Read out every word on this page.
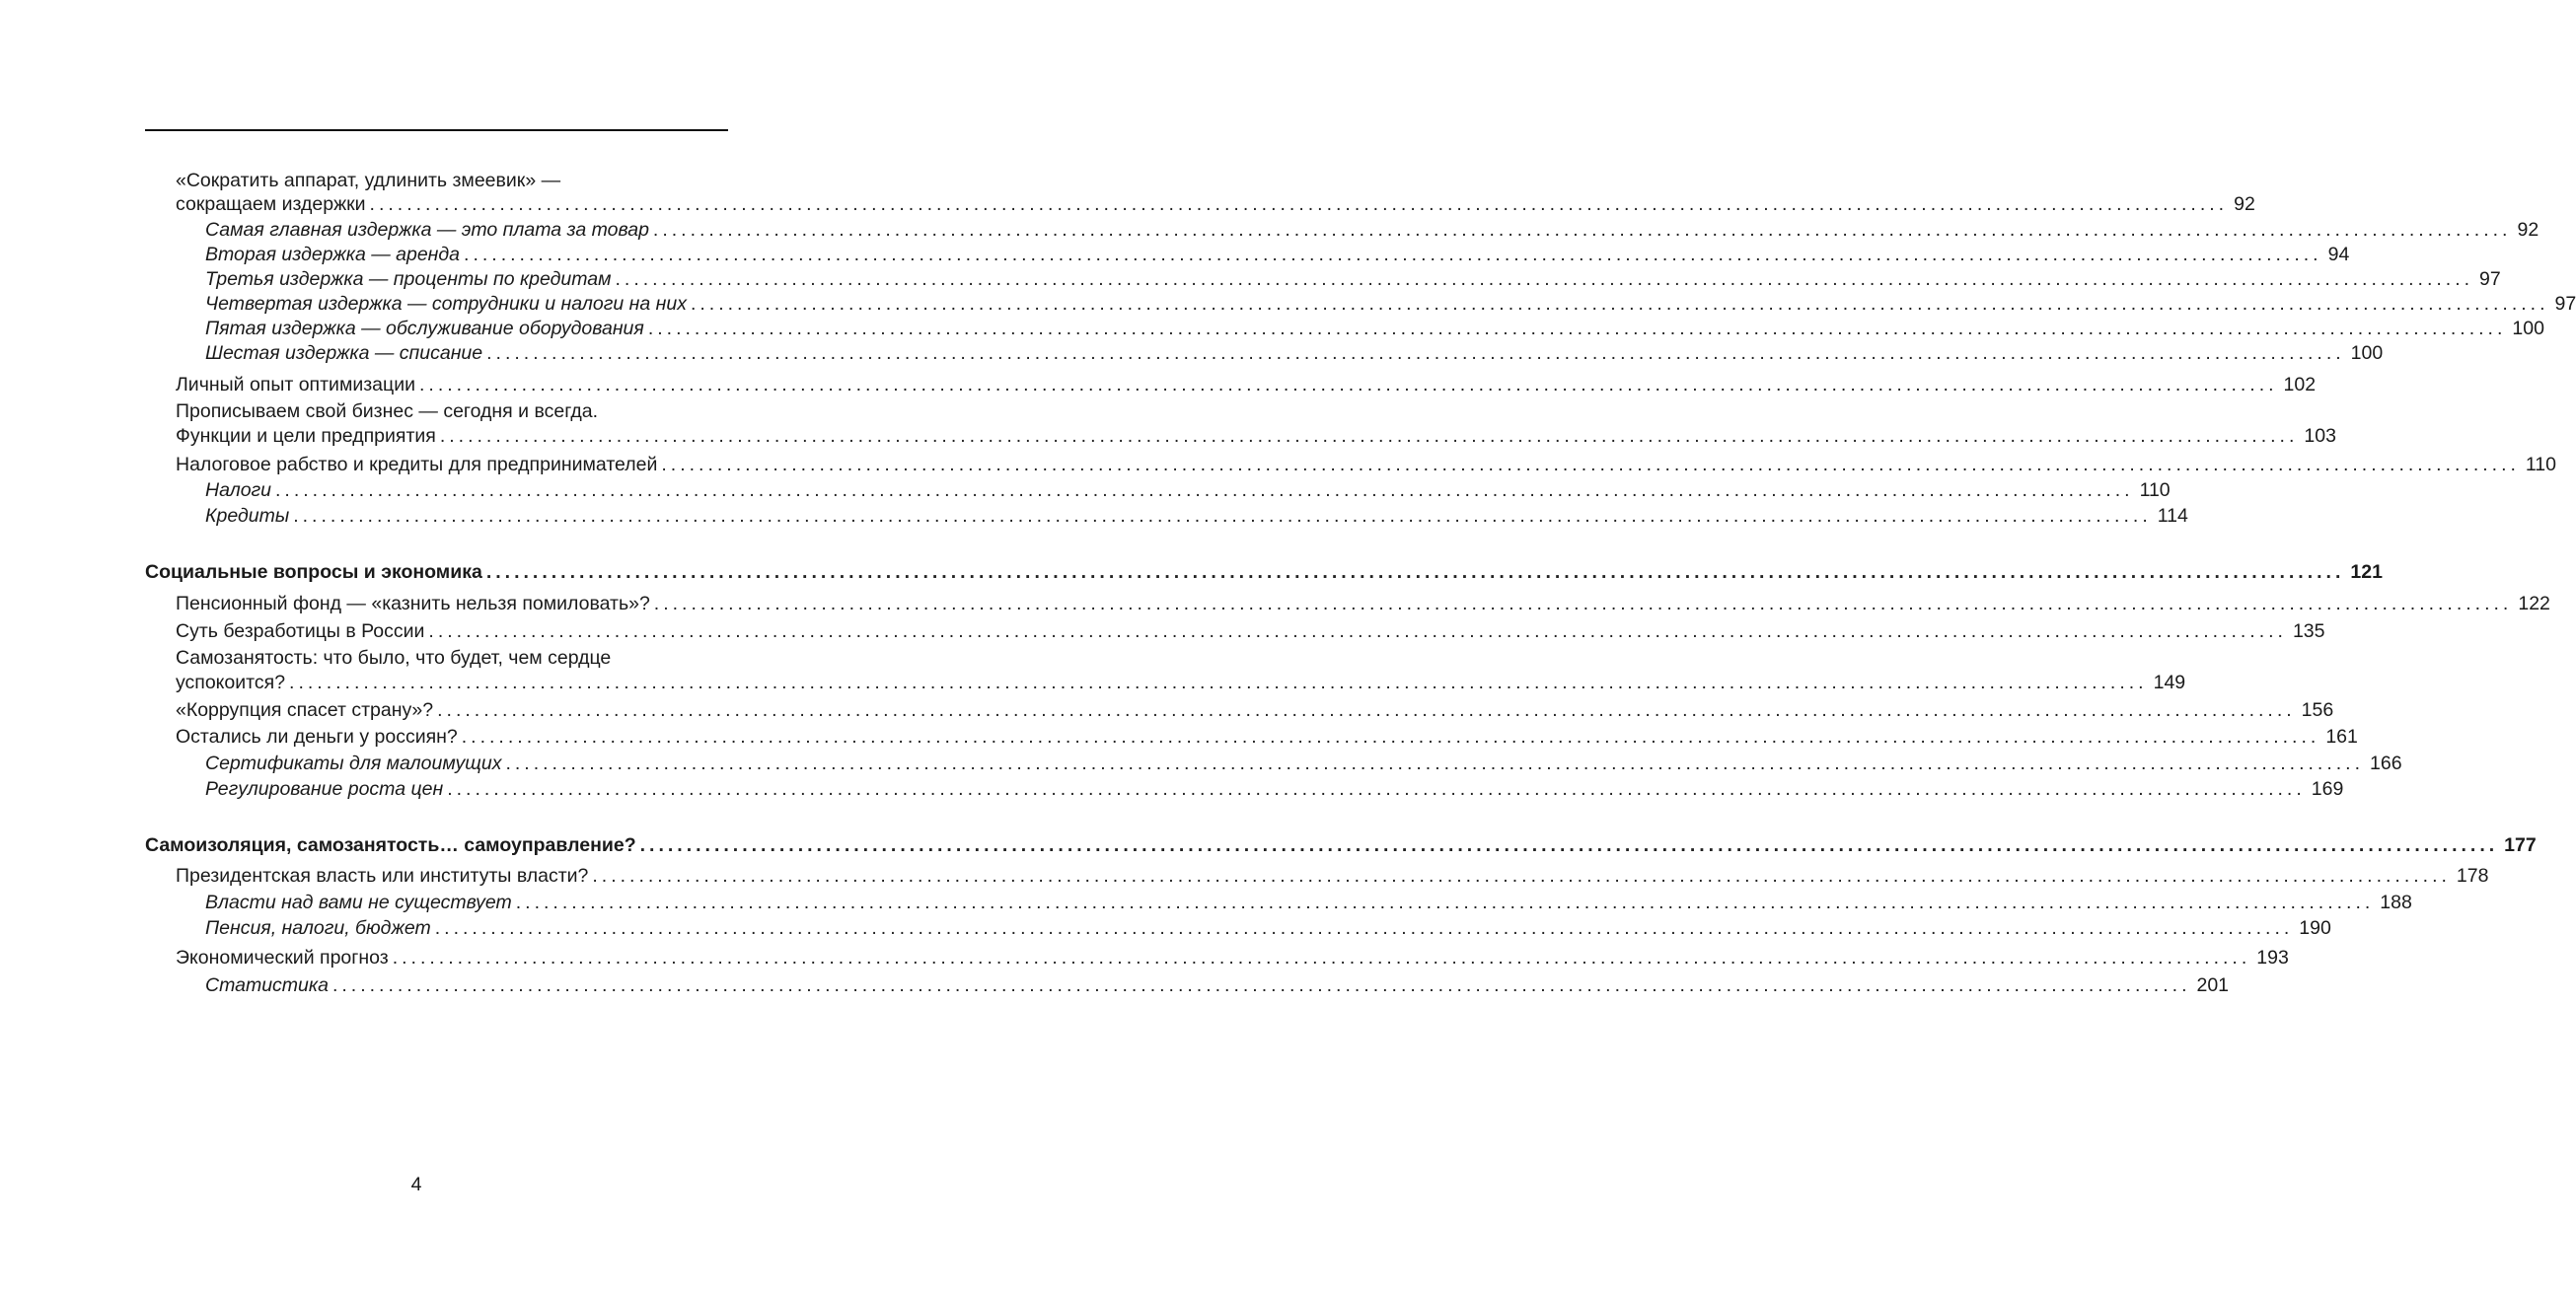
«Сократить аппарат, удлинить змеевик» —
сокращаем издержки ........................................................................................................................................................................................................ 92
Самая главная издержка — это плата за товар ........................................................................................................................................................................................................ 92
Вторая издержка — аренда ........................................................................................................................................................................................................ 94
Третья издержка — проценты по кредитам ........................................................................................................................................................................................................ 97
Четвертая издержка — сотрудники и налоги на них ........................................................................................................................................................................................................ 97
Пятая издержка — обслуживание оборудования ........................................................................................................................................................................................................ 100
Шестая издержка — списание ........................................................................................................................................................................................................ 100
Личный опыт оптимизации ........................................................................................................................................................................................................ 102
Прописываем свой бизнес — сегодня и всегда.
Функции и цели предприятия ........................................................................................................................................................................................................ 103
Налоговое рабство и кредиты для предпринимателей ........................................................................................................................................................................................................ 110
Налоги ........................................................................................................................................................................................................ 110
Кредиты ........................................................................................................................................................................................................ 114
Социальные вопросы и экономика ........................................................................................................................................................................................................ 121
Пенсионный фонд — «казнить нельзя помиловать»? ........................................................................................................................................................................................................ 122
Суть безработицы в России ........................................................................................................................................................................................................ 135
Самозанятость: что было, что будет, чем сердце
успокоится? ........................................................................................................................................................................................................ 149
«Коррупция спасет страну»? ........................................................................................................................................................................................................ 156
Остались ли деньги у россиян? ........................................................................................................................................................................................................ 161
Сертификаты для малоимущих ........................................................................................................................................................................................................ 166
Регулирование роста цен ........................................................................................................................................................................................................ 169
Самоизоляция, самозанятость… самоуправление? ........................................................................................................................................................................................................ 177
Президентская власть или институты власти? ........................................................................................................................................................................................................ 178
Власти над вами не существует ........................................................................................................................................................................................................ 188
Пенсия, налоги, бюджет ........................................................................................................................................................................................................ 190
Экономический прогноз ........................................................................................................................................................................................................ 193
Статистика ........................................................................................................................................................................................................ 201
4
